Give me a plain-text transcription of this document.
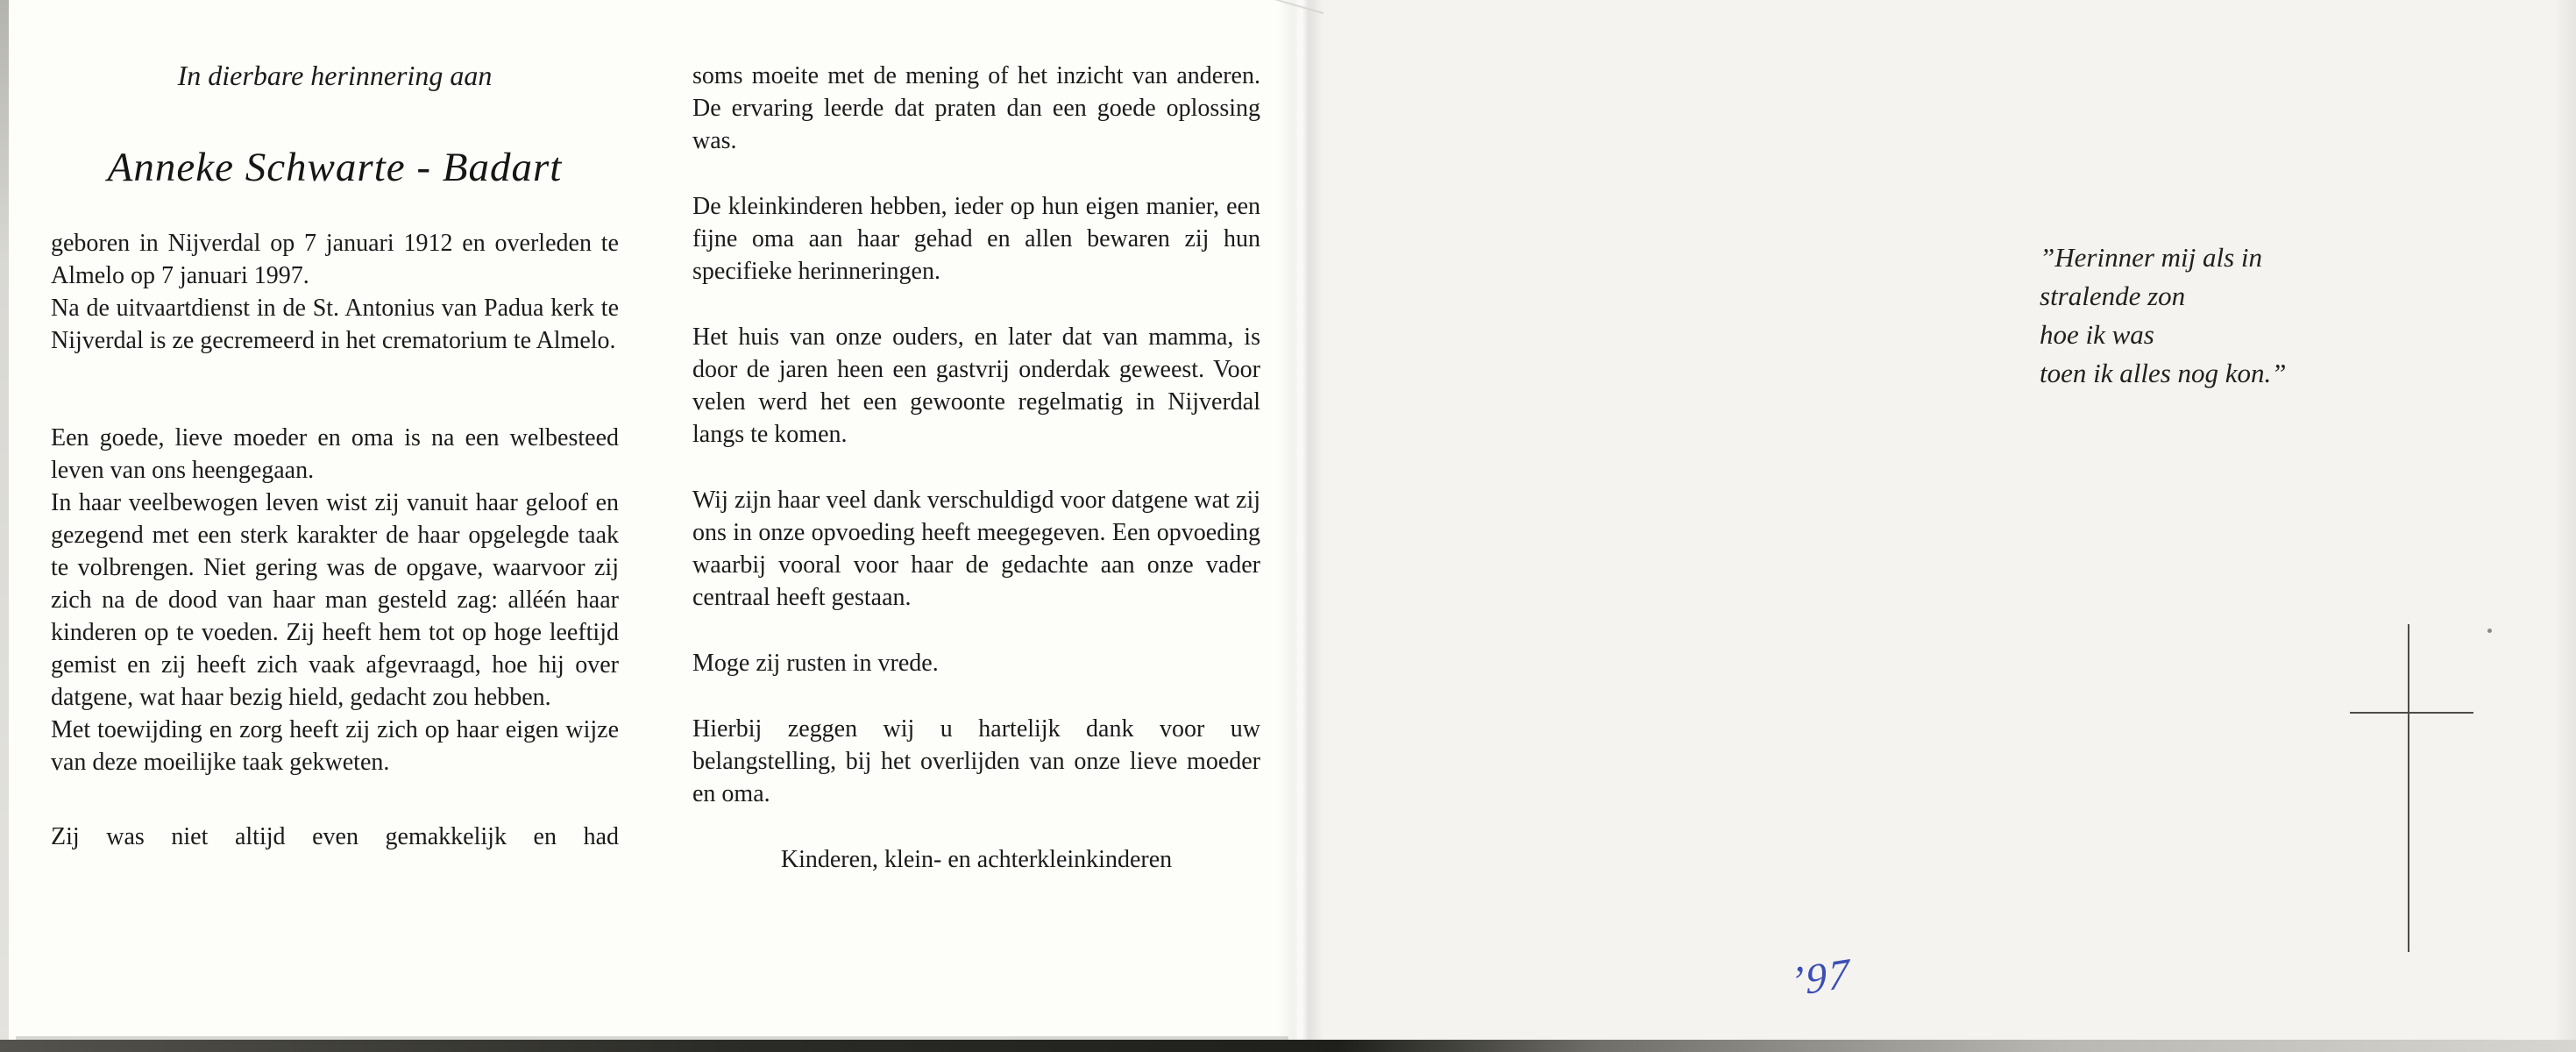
In dierbare herinnering aan
Anneke Schwarte - Badart

geboren in Nijverdal op 7 januari 1912 en overleden te Almelo op 7 januari 1997.

Na de uitvaartdienst in de St. Antonius van Padua kerk te Nijverdal is ze gecremeerd in het crematorium te Almelo.

Een goede, lieve moeder en oma is na een welbesteed leven van ons heengegaan.

In haar veelbewogen leven wist zij vanuit haar geloof en gezegend met een sterk karakter de haar opgelegde taak te volbrengen. Niet gering was de opgave, waarvoor zij zich na de dood van haar man gesteld zag: alléén haar kinderen op te voeden. Zij heeft hem tot op hoge leeftijd gemist en zij heeft zich vaak afgevraagd, hoe hij over datgene, wat haar bezig hield, gedacht zou hebben.

Met toewijding en zorg heeft zij zich op haar eigen wijze van deze moeilijke taak gekweten.

Zij was niet altijd even gemakkelijk en had

soms moeite met de mening of het inzicht van anderen. De ervaring leerde dat praten dan een goede oplossing was.

De kleinkinderen hebben, ieder op hun eigen manier, een fijne oma aan haar gehad en allen bewaren zij hun specifieke herinneringen.

Het huis van onze ouders, en later dat van mamma, is door de jaren heen een gastvrij onderdak geweest. Voor velen werd het een gewoonte regelmatig in Nijverdal langs te komen.

Wij zijn haar veel dank verschuldigd voor datgene wat zij ons in onze opvoeding heeft meegegeven. Een opvoeding waarbij vooral voor haar de gedachte aan onze vader centraal heeft gestaan.

Moge zij rusten in vrede.

Hierbij zeggen wij u hartelijk dank voor uw belangstelling, bij het overlijden van onze lieve moeder en oma.

Kinderen, klein- en achterkleinkinderen
”Herinner mij als in
stralende zon
hoe ik was
toen ik alles nog kon.”
’97
